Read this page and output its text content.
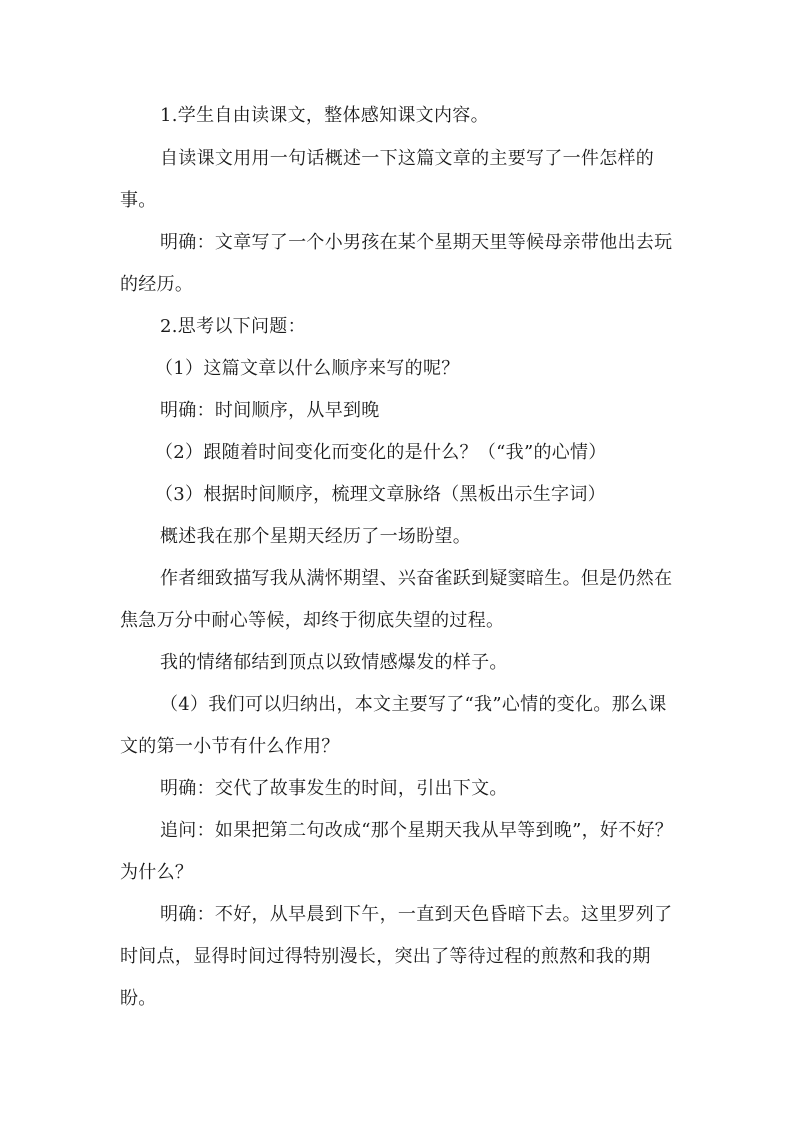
1.学生自由读课文，整体感知课文内容。

自读课文用用一句话概述一下这篇文章的主要写了一件怎样的事。

明确：文章写了一个小男孩在某个星期天里等候母亲带他出去玩的经历。

2.思考以下问题：

（1）这篇文章以什么顺序来写的呢？

明确：时间顺序，从早到晚

（2）跟随着时间变化而变化的是什么？（“我”的心情）

（3）根据时间顺序，梳理文章脉络（黑板出示生字词）

概述我在那个星期天经历了一场盼望。

作者细致描写我从满怀期望、兴奋雀跃到疑窦暗生。但是仍然在焦急万分中耐心等候，却终于彻底失望的过程。

我的情绪郁结到顶点以致情感爆发的样子。

（4）我们可以归纳出，本文主要写了“我”心情的变化。那么课文的第一小节有什么作用？

明确：交代了故事发生的时间，引出下文。

追问：如果把第二句改成“那个星期天我从早等到晚”，好不好？为什么？

明确：不好，从早晨到下午，一直到天色昏暗下去。这里罗列了时间点，显得时间过得特别漫长，突出了等待过程的煎熬和我的期盼。
